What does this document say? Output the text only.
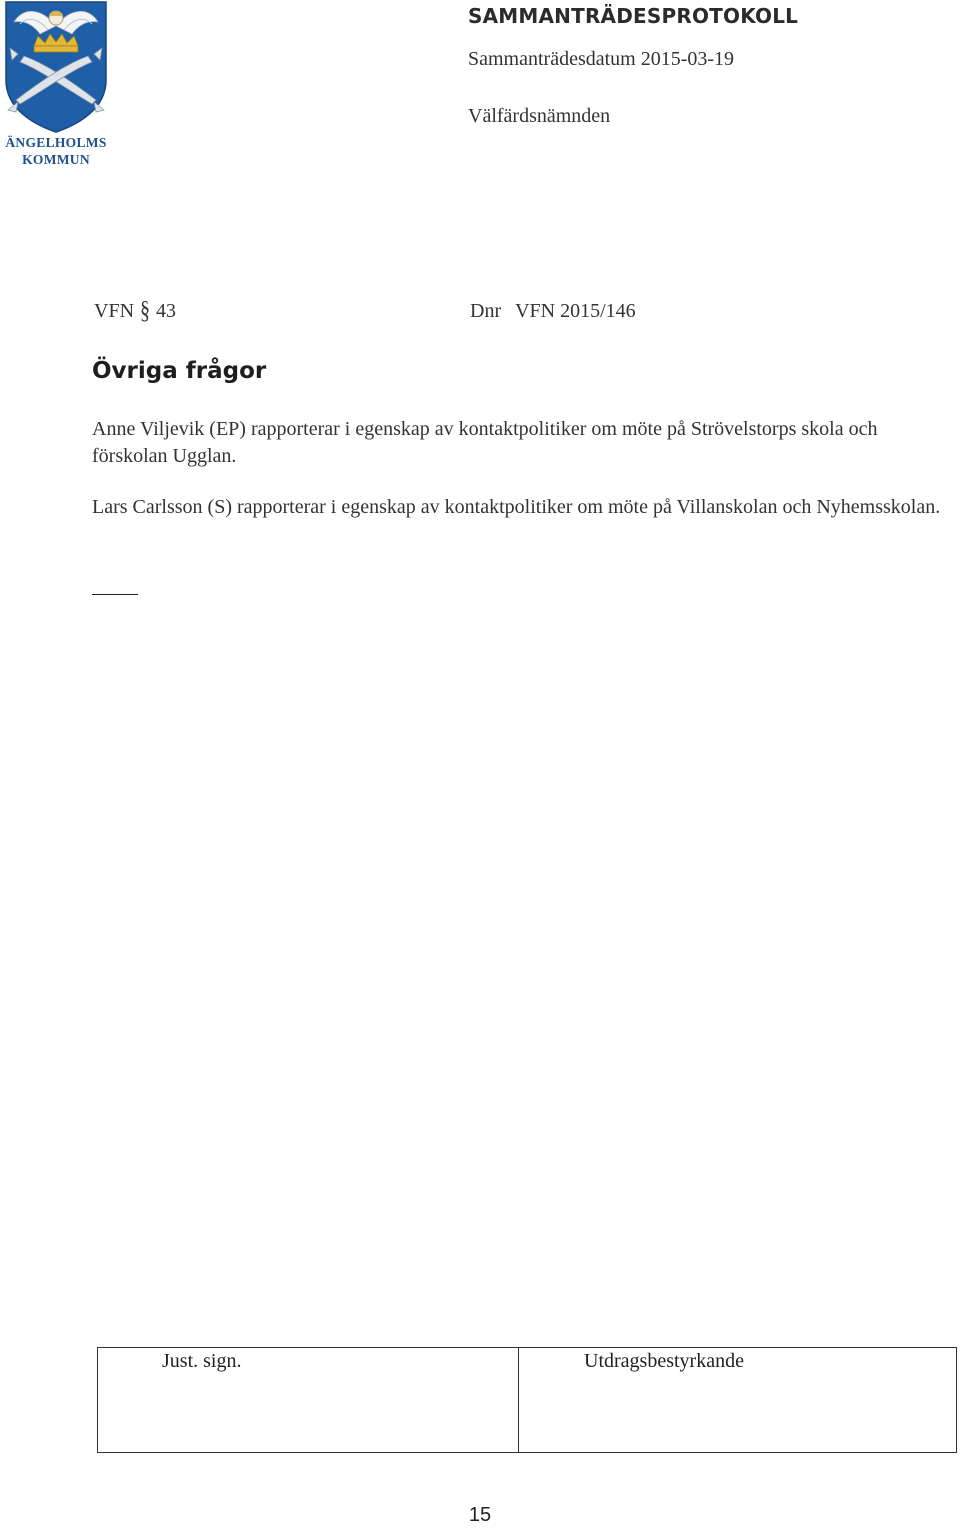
ÄNGELHOLMS
KOMMUN
SAMMANTRÄDESPROTOKOLL
Sammanträdesdatum 2015-03-19
Välfärdsnämnden
VFN § 43	Dnr VFN 2015/146
Övriga frågor
Anne Viljevik (EP) rapporterar i egenskap av kontaktpolitiker om möte på Strövelstorps skola och förskolan Ugglan.
Lars Carlsson (S) rapporterar i egenskap av kontaktpolitiker om möte på Villanskolan och Nyhemsskolan.
Just. sign.	Utdragsbestyrkande
15
